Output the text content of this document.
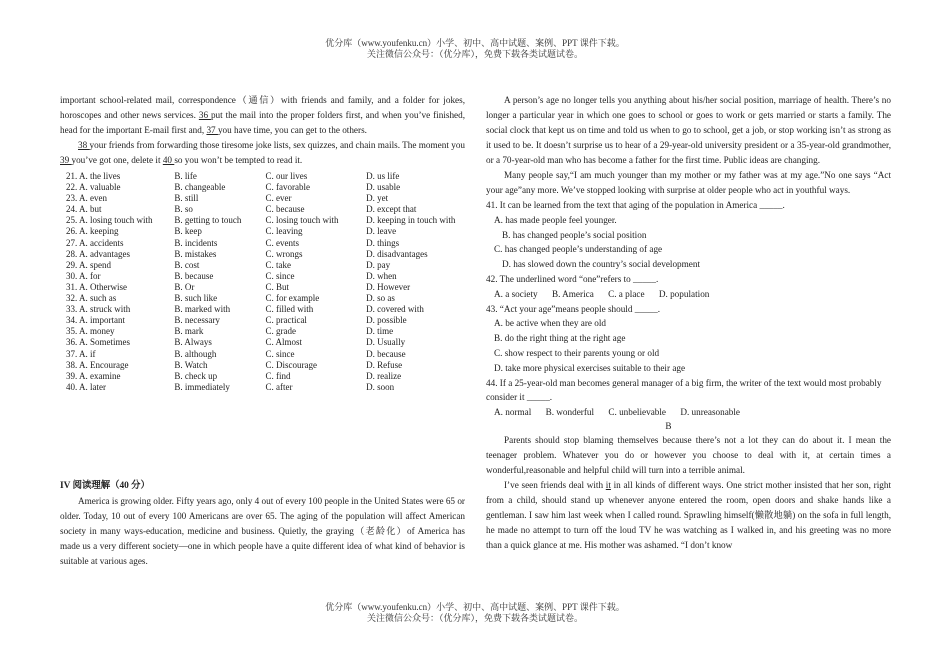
优分库（www.youfenku.cn）小学、初中、高中试题、案例、PPT 课件下载。
关注微信公众号：（优分库），免费下载各类试题试卷。

important school-related mail, correspondence（通信）with friends and family, and a folder for jokes, horoscopes and other news services. 36 put the mail into the proper folders first, and when you’ve finished, head for the important E-mail first and, 37 you have time, you can get to the others.

38 your friends from forwarding those tiresome joke lists, sex quizzes, and chain mails. The moment you 39 you’ve got one, delete it 40 so you won’t be tempted to read it.

21. A. the lives	B. life	C. our lives	D. us life
22. A. valuable	B. changeable	C. favorable	D. usable
23. A. even	B. still	C. ever	D. yet
24. A. but	B. so	C. because	D. except that
25. A. losing touch with	B. getting to touch	C. losing touch with	D. keeping in touch with
26. A. keeping	B. keep	C. leaving	D. leave
27. A. accidents	B. incidents	C. events	D. things
28. A. advantages	B. mistakes	C. wrongs	D. disadvantages
29. A. spend	B. cost	C. take	D. pay
30. A. for	B. because	C. since	D. when
31. A. Otherwise	B. Or	C. But	D. However
32. A. such as	B. such like	C. for example	D. so as
33. A. struck with	B. marked with	C. filled with	D. covered with
34. A. important	B. necessary	C. practical	D. possible
35. A. money	B. mark	C. grade	D. time
36. A. Sometimes	B. Always	C. Almost	D. Usually
37. A. if	B. although	C. since	D. because
38. A. Encourage	B. Watch	C. Discourage	D. Refuse
39. A. examine	B. check up	C. find	D. realize
40. A. later	B. immediately	C. after	D. soon
IV 阅读理解（40 分）

America is growing older. Fifty years ago, only 4 out of every 100 people in the United States were 65 or older. Today, 10 out of every 100 Americans are over 65. The aging of the population will affect American society in many ways-education, medicine and business. Quietly, the graying（老龄化）of America has made us a very different society—one in which people have a quite different idea of what kind of behavior is suitable at various ages.

A person’s age no longer tells you anything about his/her social position, marriage of health. There’s no longer a particular year in which one goes to school or goes to work or gets married or starts a family. The social clock that kept us on time and told us when to go to school, get a job, or stop working isn’t as strong as it used to be. It doesn’t surprise us to hear of a 29-year-old university president or a 35-year-old grandmother, or a 70-year-old man who has become a father for the first time. Public ideas are changing.

Many people say,“I am much younger than my mother or my father was at my age.”No one says “Act your age”any more. We’ve stopped looking with surprise at older people who act in youthful ways.

41. It can be learned from the text that aging of the population in America _____.
A. has made people feel younger.
B. has changed people’s social position
C. has changed people’s understanding of age
D. has slowed down the country’s social development
42. The underlined word “one”refers to _____.
A. a society B. America C. a place D. population
43. “Act your age”means people should _____.
A. be active when they are old
B. do the right thing at the right age
C. show respect to their parents young or old
D. take more physical exercises suitable to their age
44. If a 25-year-old man becomes general manager of a big firm, the writer of the text would most probably consider it _____.
A. normal B. wonderful C. unbelievable D. unreasonable
B

Parents should stop blaming themselves because there’s not a lot they can do about it. I mean the teenager problem. Whatever you do or however you choose to deal with it, at certain times a wonderful,reasonable and helpful child will turn into a terrible animal.

I’ve seen friends deal with it in all kinds of different ways. One strict mother insisted that her son, right from a child, should stand up whenever anyone entered the room, open doors and shake hands like a gentleman. I saw him last week when I called round. Sprawling himself(懒散地躺) on the sofa in full length, he made no attempt to turn off the loud TV he was watching as I walked in, and his greeting was no more than a quick glance at me. His mother was ashamed. “I don’t know

优分库（www.youfenku.cn）小学、初中、高中试题、案例、PPT 课件下载。
关注微信公众号：（优分库），免费下载各类试题试卷。
